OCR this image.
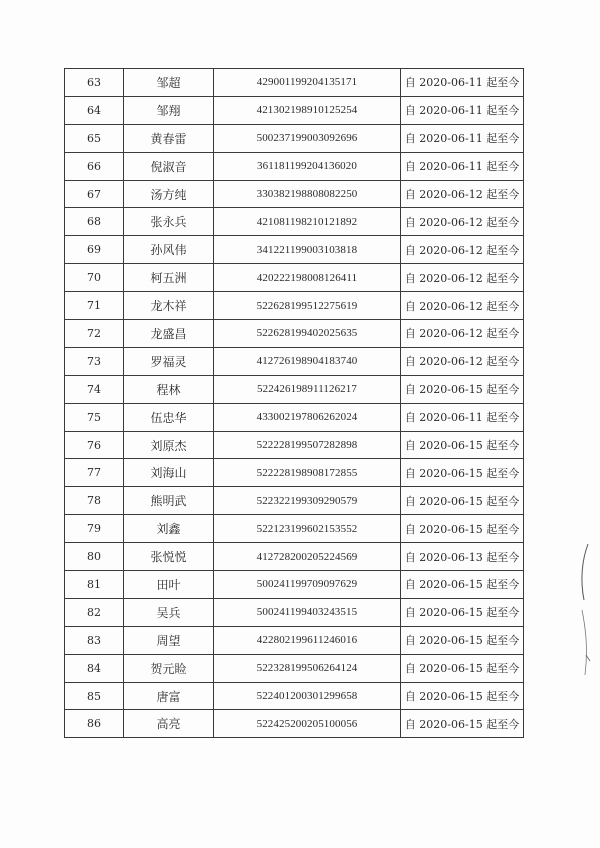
63	邹超	429001199204135171	自 2020-06-11 起至今
64	邹翔	421302198910125254	自 2020-06-11 起至今
65	黄春雷	500237199003092696	自 2020-06-11 起至今
66	倪淑音	361181199204136020	自 2020-06-11 起至今
67	汤方纯	330382198808082250	自 2020-06-12 起至今
68	张永兵	421081198210121892	自 2020-06-12 起至今
69	孙风伟	341221199003103818	自 2020-06-12 起至今
70	柯五洲	420222198008126411	自 2020-06-12 起至今
71	龙木祥	522628199512275619	自 2020-06-12 起至今
72	龙盛昌	522628199402025635	自 2020-06-12 起至今
73	罗福灵	412726198904183740	自 2020-06-12 起至今
74	程林	522426198911126217	自 2020-06-15 起至今
75	伍忠华	433002197806262024	自 2020-06-11 起至今
76	刘原杰	522228199507282898	自 2020-06-15 起至今
77	刘海山	522228198908172855	自 2020-06-15 起至今
78	熊明武	522322199309290579	自 2020-06-15 起至今
79	刘鑫	522123199602153552	自 2020-06-15 起至今
80	张悦悦	412728200205224569	自 2020-06-13 起至今
81	田叶	500241199709097629	自 2020-06-15 起至今
82	吴兵	500241199403243515	自 2020-06-15 起至今
83	周望	422802199611246016	自 2020-06-15 起至今
84	贺元睑	522328199506264124	自 2020-06-15 起至今
85	唐富	522401200301299658	自 2020-06-15 起至今
86	高亮	522425200205100056	自 2020-06-15 起至今
